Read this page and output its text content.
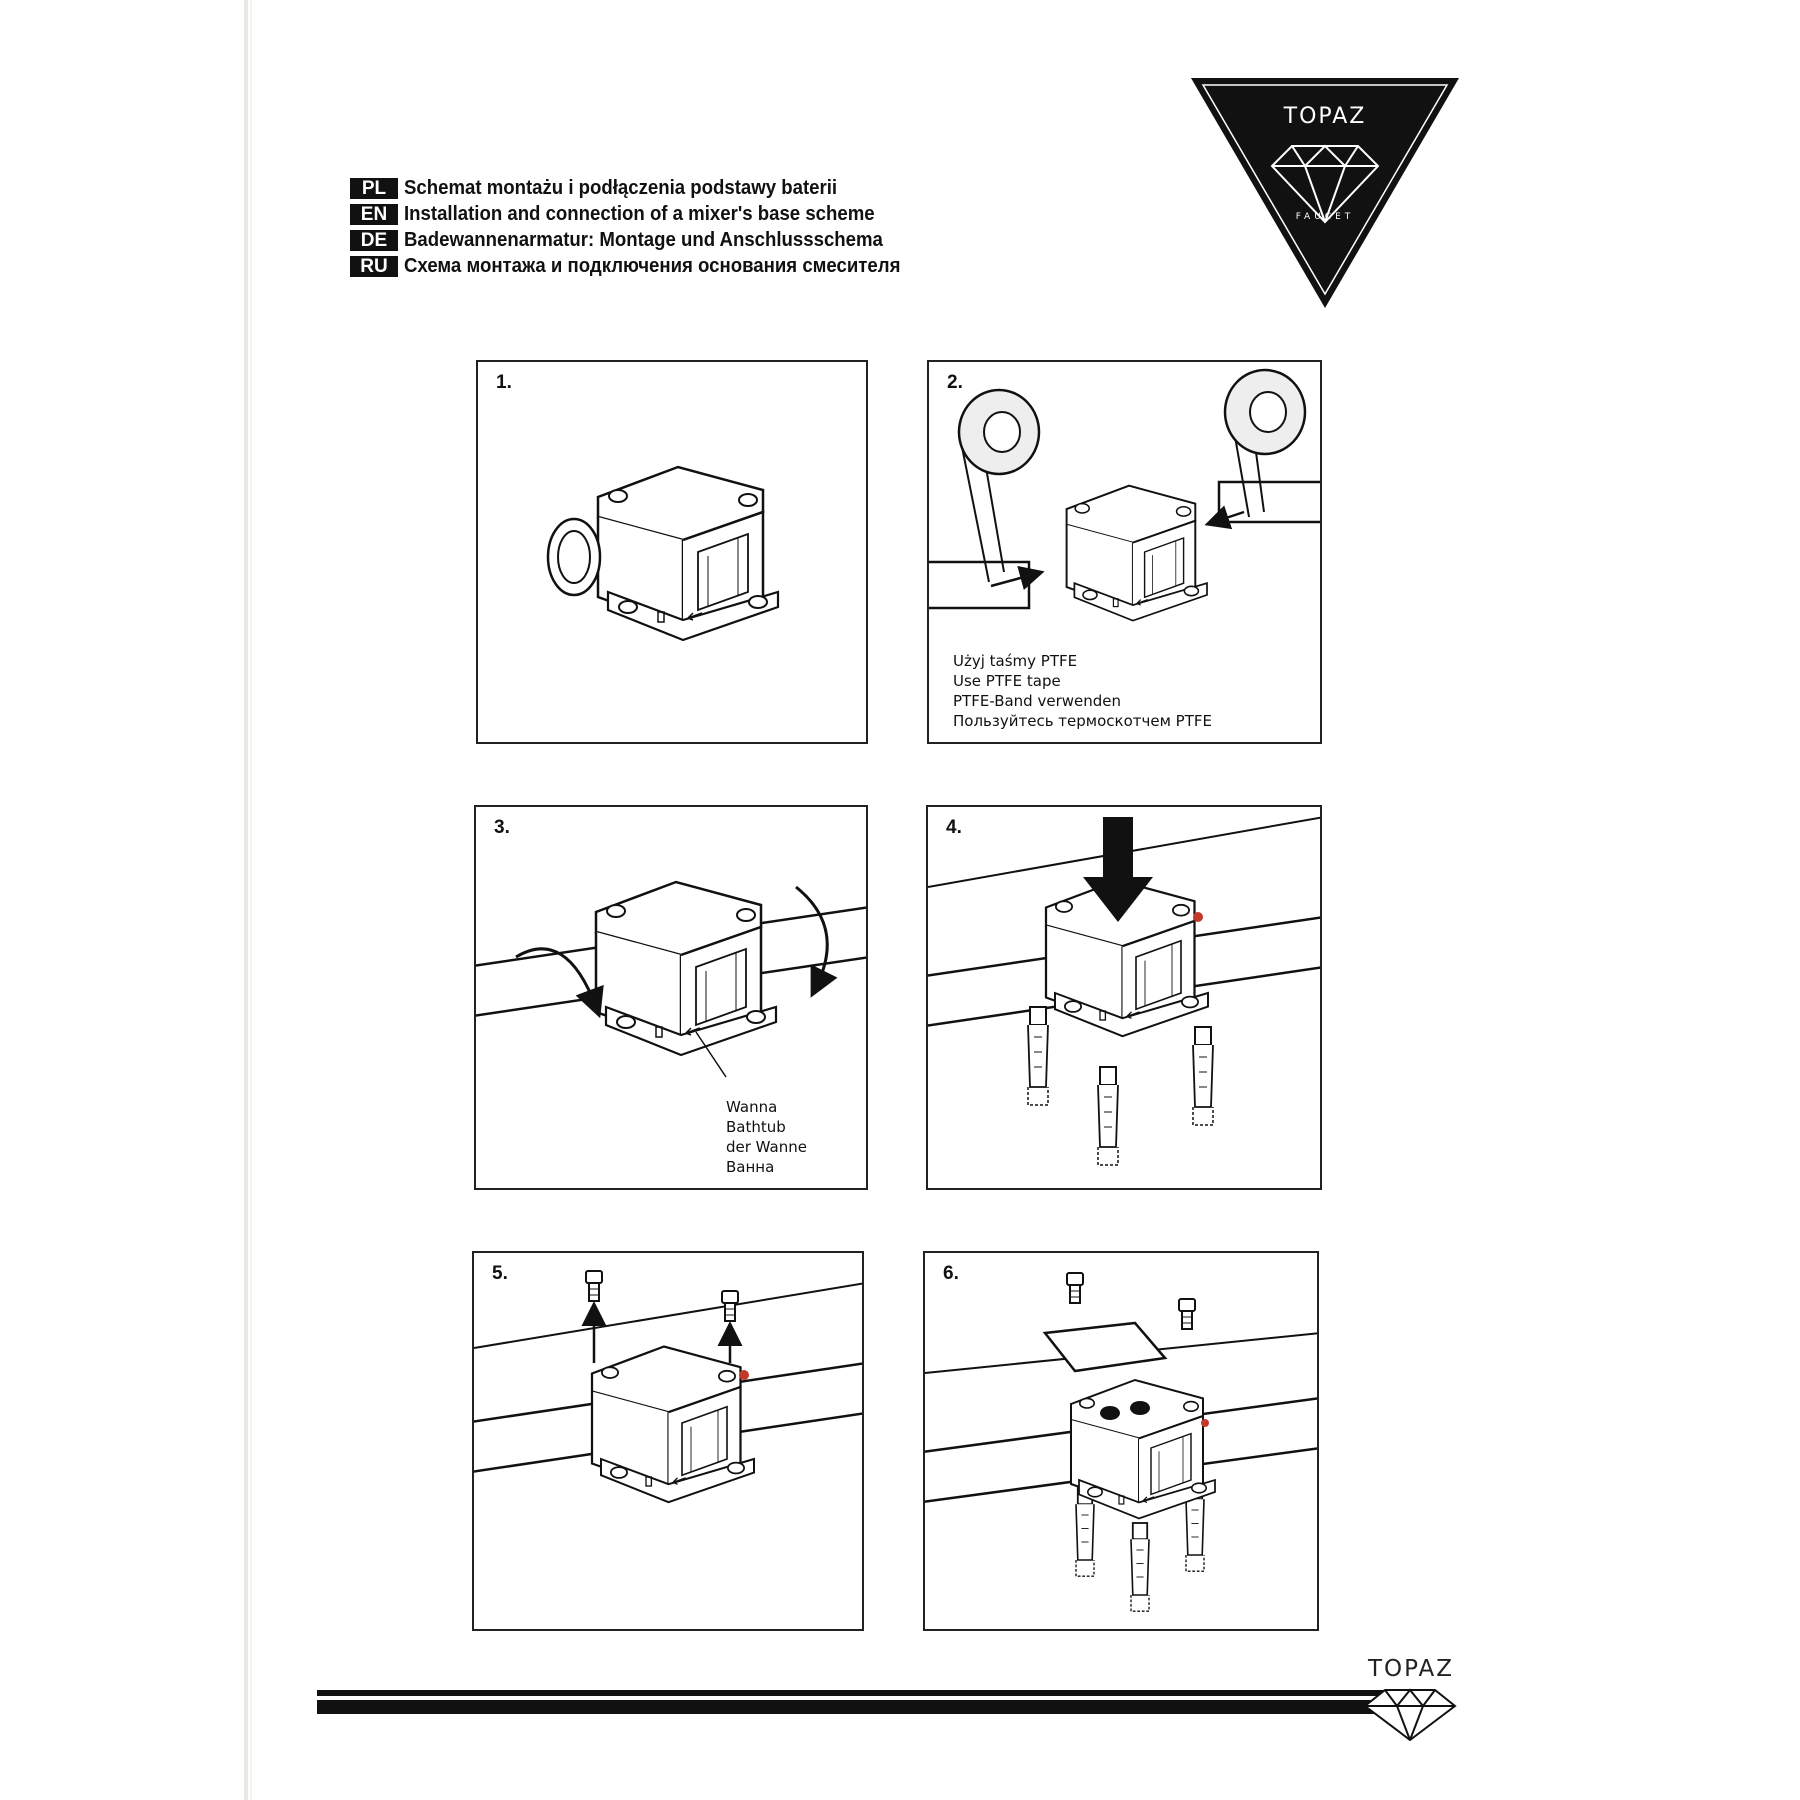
TOPAZ
FAUCET
PL Schemat montażu i podłączenia podstawy baterii
EN Installation and connection of a mixer's base scheme
DE Badewannenarmatur: Montage und Anschlussschema
RU Схема монтажа и подключения основания смесителя
1.	2.
Użyj taśmy PTFE
Use PTFE tape
PTFE-Band verwenden
Пользуйтесь термоскотчем PTFE
3.
Wanna
Bathtub
der Wanne
Ванна
4.
5.	6.
TOPAZ
